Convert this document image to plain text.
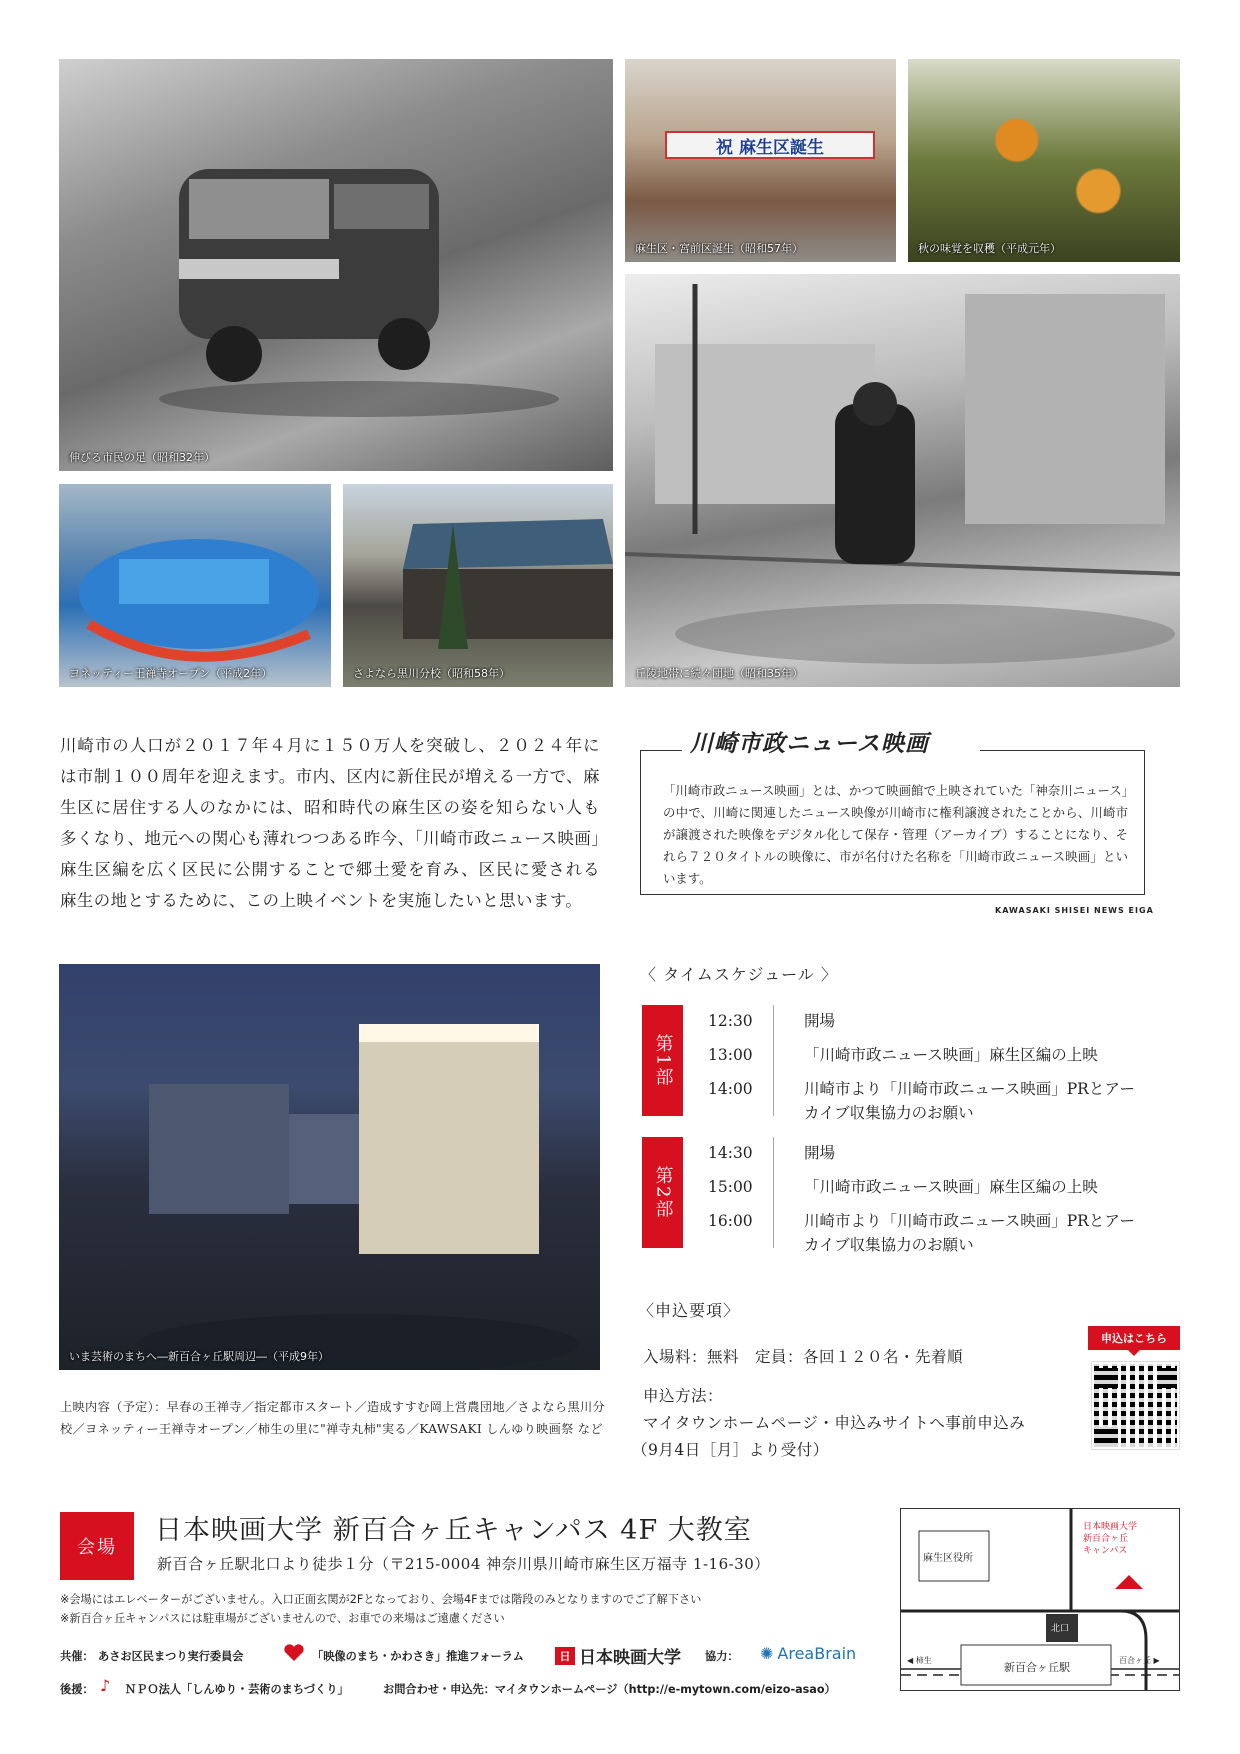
伸びる市民の足（昭和32年）
祝 麻生区誕生
麻生区・宮前区誕生（昭和57年）	秋の味覚を収穫（平成元年）
丘陵地帯に続々団地（昭和35年）
ヨネッティー王禅寺オープン（平成2年）	さよなら黒川分校（昭和58年）
いま芸術のまちへ―新百合ヶ丘駅周辺―（平成9年）
川崎市の人口が２０１７年４月に１５０万人を突破し、２０２４年には市制１００周年を迎えます。市内、区内に新住民が増える一方で、麻生区に居住する人のなかには、昭和時代の麻生区の姿を知らない人も多くなり、地元への関心も薄れつつある昨今、「川崎市政ニュース映画」麻生区編を広く区民に公開することで郷土愛を育み、区民に愛される麻生の地とするために、この上映イベントを実施したいと思います。
川崎市政ニュース映画
「川崎市政ニュース映画」とは、かつて映画館で上映されていた「神奈川ニュース」の中で、川崎に関連したニュース映像が川崎市に権利譲渡されたことから、川崎市が譲渡された映像をデジタル化して保存・管理（アーカイブ）することになり、それら７２０タイトルの映像に、市が名付けた名称を「川崎市政ニュース映画」といいます。
KAWASAKI SHISEI NEWS EIGA
〈 タイムスケジュール 〉
第1部
12:30	開場
13:00	「川崎市政ニュース映画」麻生区編の上映
14:00	川崎市より「川崎市政ニュース映画」PRとアーカイブ収集協力のお願い
第2部
14:30	開場
15:00	「川崎市政ニュース映画」麻生区編の上映
16:00	川崎市より「川崎市政ニュース映画」PRとアーカイブ収集協力のお願い
〈申込要項〉
入場料：無料　定員：各回１２０名・先着順
申込方法：
マイタウンホームページ・申込みサイトへ事前申込み
（9月4日［月］より受付）
申込はこちら
上映内容（予定）：早春の王禅寺／指定都市スタート／造成すすむ岡上営農団地／さよなら黒川分校／ヨネッティー王禅寺オープン／柿生の里に"禅寺丸柿"実る／KAWSAKI しんゆり映画祭 など
会場
日本映画大学 新百合ヶ丘キャンパス 4F 大教室
新百合ヶ丘駅北口より徒歩１分（〒215-0004 神奈川県川崎市麻生区万福寺 1-16-30）
※会場にはエレベーターがございません。入口正面玄関が2Fとなっており、会場4Fまでは階段のみとなりますのでご了解下さい
※新百合ヶ丘キャンパスには駐車場がございませんので、お車での来場はご遠慮ください
共催： あさお区民まつり実行委員会	「映像のまち・かわさき」推進フォーラム	日 日本映画大学 協力： ✺ AreaBrain
後援： ♪	ＮＰＯ法人「しんゆり・芸術のまちづくり」	お問合わせ・申込先：マイタウンホームページ（http://e-mytown.com/eizo-asao）
麻生区役所
日本映画大学
新百合ヶ丘
キャンパス
北口
新百合ヶ丘駅
◀ 柿生	百合ヶ丘 ▶
